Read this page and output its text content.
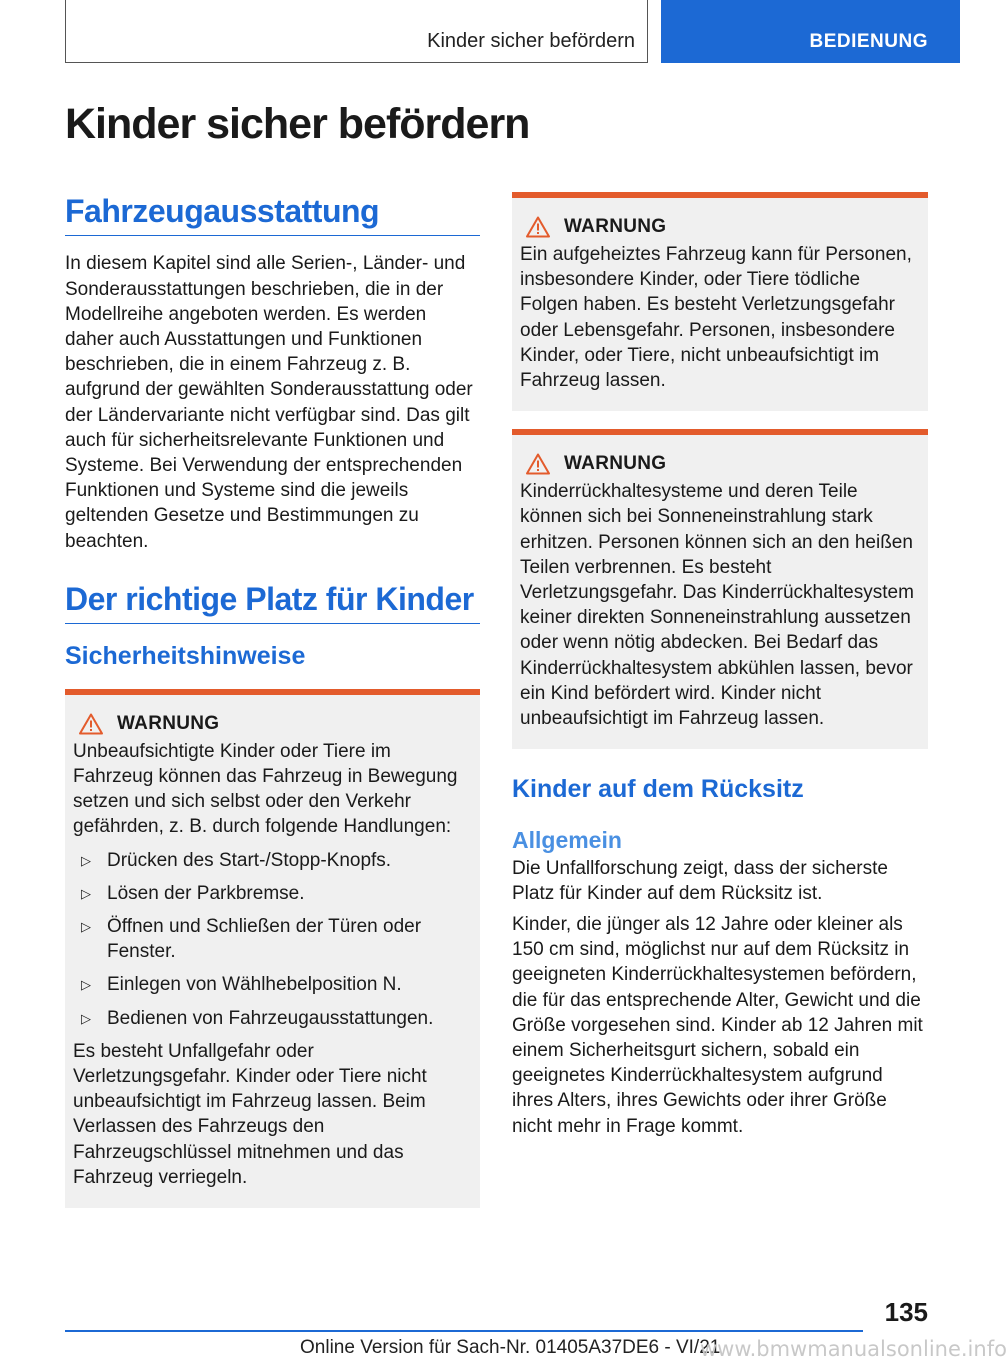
Kinder sicher befördern	BEDIENUNG
Kinder sicher befördern
Fahrzeugausstattung

In diesem Kapitel sind alle Serien-, Länder- und Sonderausstattungen beschrieben, die in der Modellreihe angeboten werden. Es werden daher auch Ausstattungen und Funktionen beschrieben, die in einem Fahrzeug z. B. aufgrund der gewählten Sonderausstattung oder der Ländervariante nicht verfügbar sind. Das gilt auch für sicherheitsrelevante Funktionen und Systeme. Bei Verwendung der entsprechenden Funktionen und Systeme sind die jeweils geltenden Gesetze und Bestimmungen zu beachten.

Der richtige Platz für Kinder
Sicherheitshinweise
WARNUNG

Unbeaufsichtigte Kinder oder Tiere im Fahrzeug können das Fahrzeug in Bewegung setzen und sich selbst oder den Verkehr gefährden, z. B. durch folgende Handlungen:

▷ Drücken des Start-/Stopp-Knopfs.
▷ Lösen der Parkbremse.
▷ Öffnen und Schließen der Türen oder Fenster.
▷ Einlegen von Wählhebelposition N.
▷ Bedienen von Fahrzeugausstattungen.

Es besteht Unfallgefahr oder Verletzungsgefahr. Kinder oder Tiere nicht unbeaufsichtigt im Fahrzeug lassen. Beim Verlassen des Fahrzeugs den Fahrzeugschlüssel mitnehmen und das Fahrzeug verriegeln.

WARNUNG

Ein aufgeheiztes Fahrzeug kann für Personen, insbesondere Kinder, oder Tiere tödliche Folgen haben. Es besteht Verletzungsgefahr oder Lebensgefahr. Personen, insbesondere Kinder, oder Tiere, nicht unbeaufsichtigt im Fahrzeug lassen.

WARNUNG

Kinderrückhaltesysteme und deren Teile können sich bei Sonneneinstrahlung stark erhitzen. Personen können sich an den heißen Teilen verbrennen. Es besteht Verletzungsgefahr. Das Kinderrückhaltesystem keiner direkten Sonneneinstrahlung aussetzen oder wenn nötig abdecken. Bei Bedarf das Kinderrückhaltesystem abkühlen lassen, bevor ein Kind befördert wird. Kinder nicht unbeaufsichtigt im Fahrzeug lassen.

Kinder auf dem Rücksitz
Allgemein

Die Unfallforschung zeigt, dass der sicherste Platz für Kinder auf dem Rücksitz ist.

Kinder, die jünger als 12 Jahre oder kleiner als 150 cm sind, möglichst nur auf dem Rücksitz in geeigneten Kinderrückhaltesystemen befördern, die für das entsprechende Alter, Gewicht und die Größe vorgesehen sind. Kinder ab 12 Jahren mit einem Sicherheitsgurt sichern, sobald ein geeignetes Kinderrückhaltesystem aufgrund ihres Alters, ihres Gewichts oder ihrer Größe nicht mehr in Frage kommt.

135
Online Version für Sach-Nr. 01405A37DE6 - VI/21
www.bmwmanualsonline.info
